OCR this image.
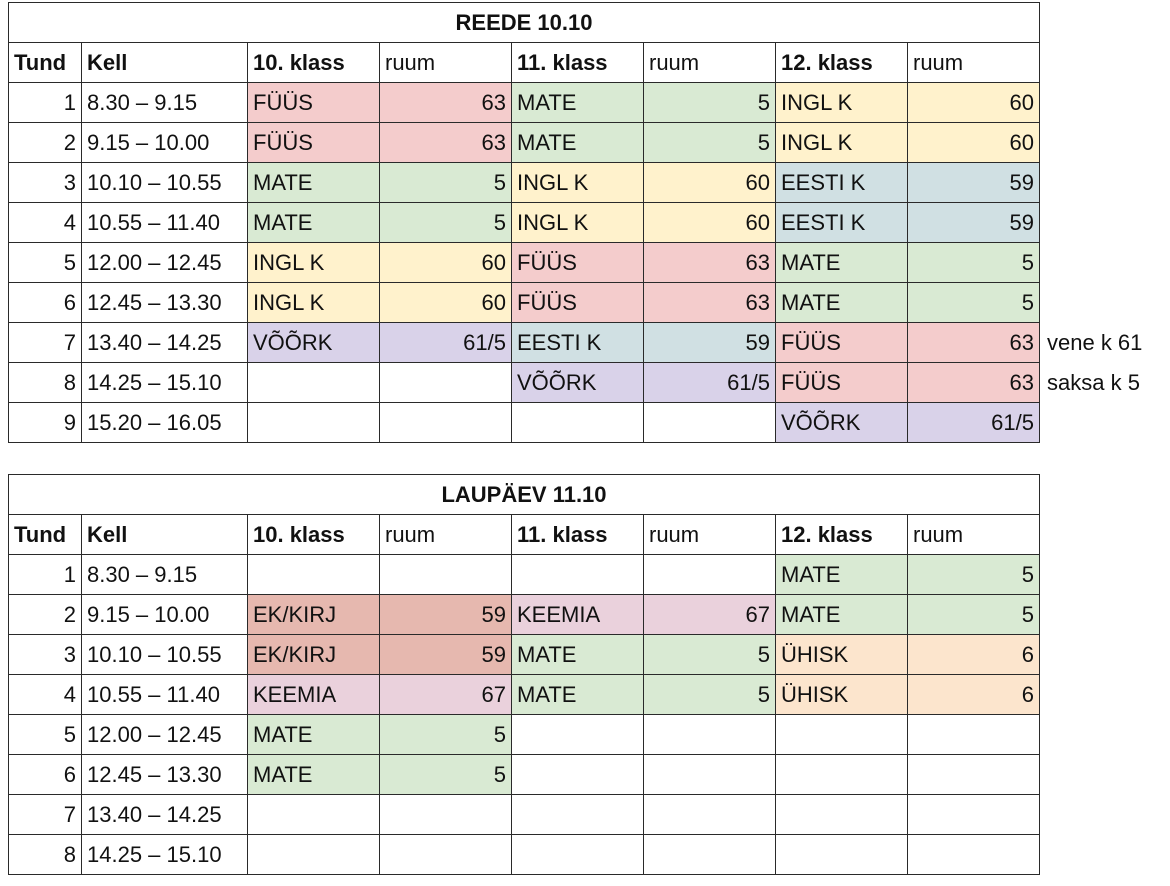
REEDE 10.10							
Tund	Kell	10. klass	ruum	11. klass	ruum	12. klass	ruum
1	8.30 – 9.15	FÜÜS	63	MATE	5	INGL K	60
2	9.15 – 10.00	FÜÜS	63	MATE	5	INGL K	60
3	10.10 – 10.55	MATE	5	INGL K	60	EESTI K	59
4	10.55 – 11.40	MATE	5	INGL K	60	EESTI K	59
5	12.00 – 12.45	INGL K	60	FÜÜS	63	MATE	5
6	12.45 – 13.30	INGL K	60	FÜÜS	63	MATE	5
7	13.40 – 14.25	VÕÕRK	61/5	EESTI K	59	FÜÜS	63
8	14.25 – 15.10			VÕÕRK	61/5	FÜÜS	63
9	15.20 – 16.05					VÕÕRK	61/5
LAUPÄEV 11.10							
Tund	Kell	10. klass	ruum	11. klass	ruum	12. klass	ruum
1	8.30 – 9.15					MATE	5
2	9.15 – 10.00	EK/KIRJ	59	KEEMIA	67	MATE	5
3	10.10 – 10.55	EK/KIRJ	59	MATE	5	ÜHISK	6
4	10.55 – 11.40	KEEMIA	67	MATE	5	ÜHISK	6
5	12.00 – 12.45	MATE	5				
6	12.45 – 13.30	MATE	5				
7	13.40 – 14.25						
8	14.25 – 15.10						
vene k 61
saksa k 5
